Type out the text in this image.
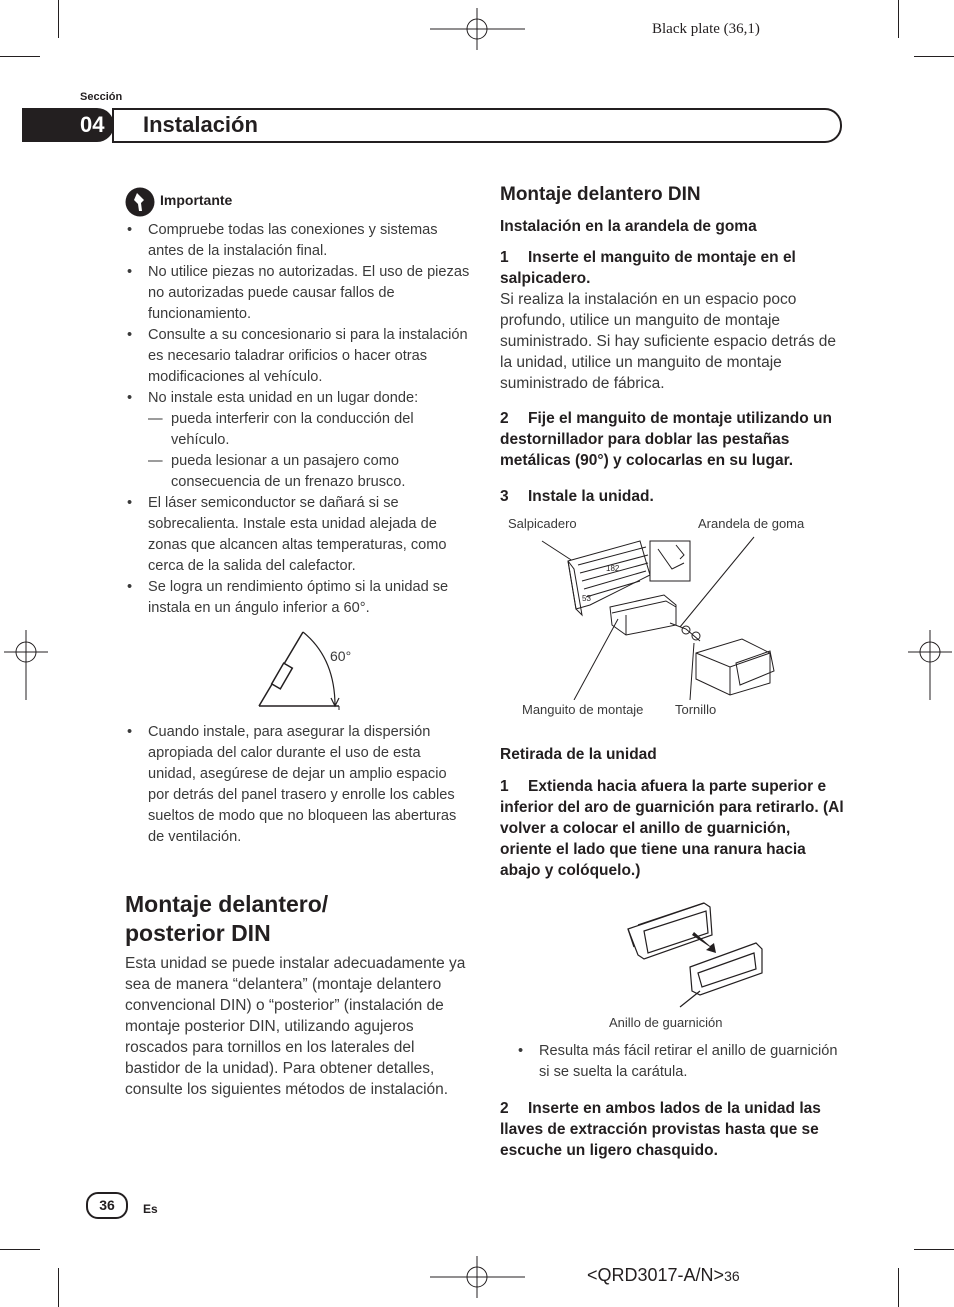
Black plate (36,1)
Sección
04	Instalación
Importante
• Compruebe todas las conexiones y sistemas antes de la instalación final.
• No utilice piezas no autorizadas. El uso de piezas no autorizadas puede causar fallos de funcionamiento.
• Consulte a su concesionario si para la instalación es necesario taladrar orificios o hacer otras modificaciones al vehículo.
• No instale esta unidad en un lugar donde:
— pueda interferir con la conducción del vehículo.
— pueda lesionar a un pasajero como consecuencia de un frenazo brusco.
• El láser semiconductor se dañará si se sobrecalienta. Instale esta unidad alejada de zonas que alcancen altas temperaturas, como cerca de la salida del calefactor.
• Se logra un rendimiento óptimo si la unidad se instala en un ángulo inferior a 60°.
60°
• Cuando instale, para asegurar la dispersión apropiada del calor durante el uso de esta unidad, asegúrese de dejar un amplio espacio por detrás del panel trasero y enrolle los cables sueltos de modo que no bloqueen las aberturas de ventilación.
Montaje delantero/
posterior DIN
Esta unidad se puede instalar adecuadamente ya sea de manera “delantera” (montaje delantero convencional DIN) o “posterior” (instalación de montaje posterior DIN, utilizando agujeros roscados para tornillos en los laterales del bastidor de la unidad). Para obtener detalles, consulte los siguientes métodos de instalación.
Montaje delantero DIN
Instalación en la arandela de goma
1 Inserte el manguito de montaje en el salpicadero.
Si realiza la instalación en un espacio poco profundo, utilice un manguito de montaje suministrado. Si hay suficiente espacio detrás de la unidad, utilice un manguito de montaje suministrado de fábrica.
2 Fije el manguito de montaje utilizando un destornillador para doblar las pestañas metálicas (90°) y colocarlas en su lugar.
3 Instale la unidad.
Salpicadero	Arandela de goma
182
53
Manguito de montaje Tornillo
Retirada de la unidad
1 Extienda hacia afuera la parte superior e inferior del aro de guarnición para retirarlo. (Al volver a colocar el anillo de guarnición, oriente el lado que tiene una ranura hacia abajo y colóquelo.)
Anillo de guarnición
• Resulta más fácil retirar el anillo de guarnición si se suelta la carátula.
2 Inserte en ambos lados de la unidad las llaves de extracción provistas hasta que se escuche un ligero chasquido.
36	Es
<QRD3017-A/N>36
